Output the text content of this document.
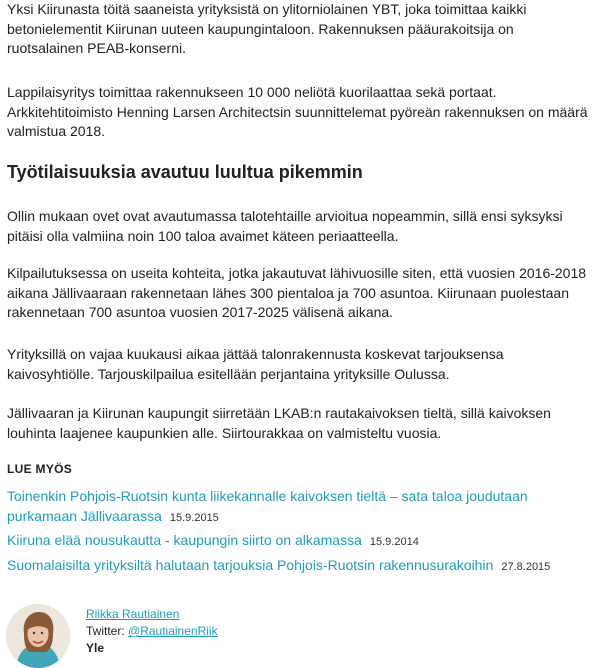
Yksi Kiirunasta töitä saaneista yrityksistä on ylitorniolainen YBT, joka toimittaa kaikki betonielementit Kiirunan uuteen kaupungintaloon. Rakennuksen pääurakoitsija on ruotsalainen PEAB-konserni.

Lappilaisyritys toimittaa rakennukseen 10 000 neliötä kuorilaattaa sekä portaat. Arkkitehtitoimisto Henning Larsen Architectsin suunnittelemat pyöreän rakennuksen on määrä valmistua 2018.

Työtilaisuuksia avautuu luultua pikemmin

Ollin mukaan ovet ovat avautumassa talotehtaille arvioitua nopeammin, sillä ensi syksyksi pitäisi olla valmiina noin 100 taloa avaimet käteen periaatteella.

Kilpailutuksessa on useita kohteita, jotka jakautuvat lähivuosille siten, että vuosien 2016-2018 aikana Jällivaaraan rakennetaan lähes 300 pientaloa ja 700 asuntoa. Kiirunaan puolestaan rakennetaan 700 asuntoa vuosien 2017-2025 välisenä aikana.

Yrityksillä on vajaa kuukausi aikaa jättää talonrakennusta koskevat tarjouksensa kaivosyhtiölle. Tarjouskilpailua esitellään perjantaina yrityksille Oulussa.

Jällivaaran ja Kiirunan kaupungit siirretään LKAB:n rautakaivoksen tieltä, sillä kaivoksen louhinta laajenee kaupunkien alle. Siirtourakkaa on valmisteltu vuosia.

LUE MYÖS
Toinenkin Pohjois-Ruotsin kunta liikekannalle kaivoksen tieltä – sata taloa joudutaan purkamaan Jällivaarassa 15.9.2015
Kiiruna elää nousukautta - kaupungin siirto on alkamassa 15.9.2014
Suomalaisilta yrityksiltä halutaan tarjouksia Pohjois-Ruotsin rakennusurakoihin 27.8.2015
Riikka Rautiainen
Twitter: @RautiainenRiik
Yle
